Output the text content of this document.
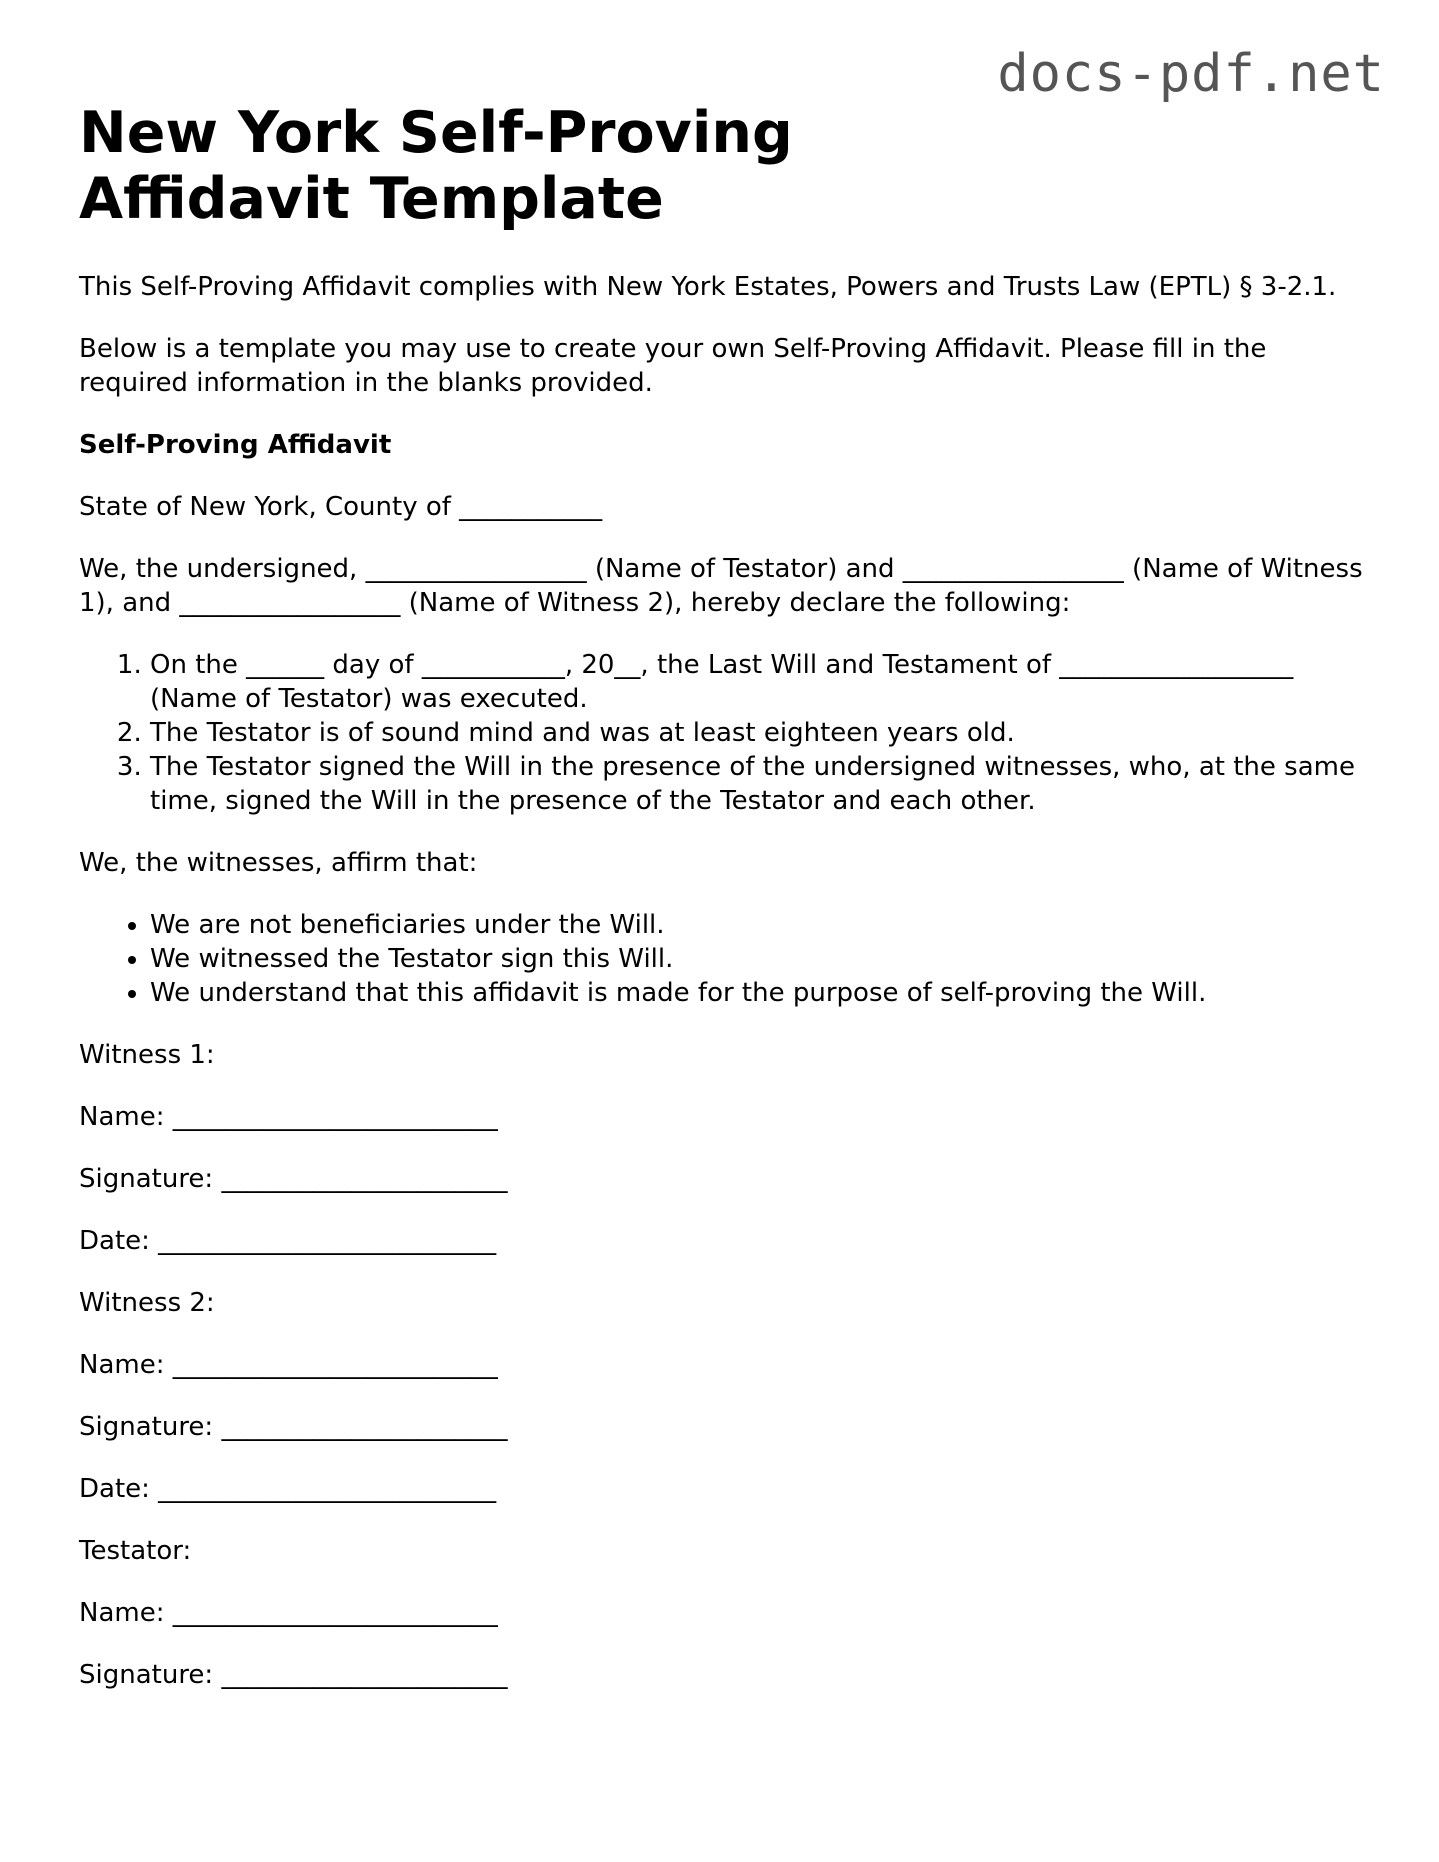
docs-pdf.net
New York Self-Proving Affidavit Template

This Self-Proving Affidavit complies with New York Estates, Powers and Trusts Law (EPTL) § 3-2.1.

Below is a template you may use to create your own Self-Proving Affidavit. Please fill in the required information in the blanks provided.

Self-Proving Affidavit

State of New York, County of ___________

We, the undersigned, _________________ (Name of Testator) and _________________ (Name of Witness 1), and _________________ (Name of Witness 2), hereby declare the following:

1. On the ______ day of ___________, 20__, the Last Will and Testament of __________________ (Name of Testator) was executed.
2. The Testator is of sound mind and was at least eighteen years old.
3. The Testator signed the Will in the presence of the undersigned witnesses, who, at the same time, signed the Will in the presence of the Testator and each other.

We, the witnesses, affirm that:

• We are not beneficiaries under the Will.
• We witnessed the Testator sign this Will.
• We understand that this affidavit is made for the purpose of self-proving the Will.

Witness 1:

Name: _________________________

Signature: ______________________

Date: __________________________

Witness 2:

Name: _________________________

Signature: ______________________

Date: __________________________

Testator:

Name: _________________________

Signature: ______________________
